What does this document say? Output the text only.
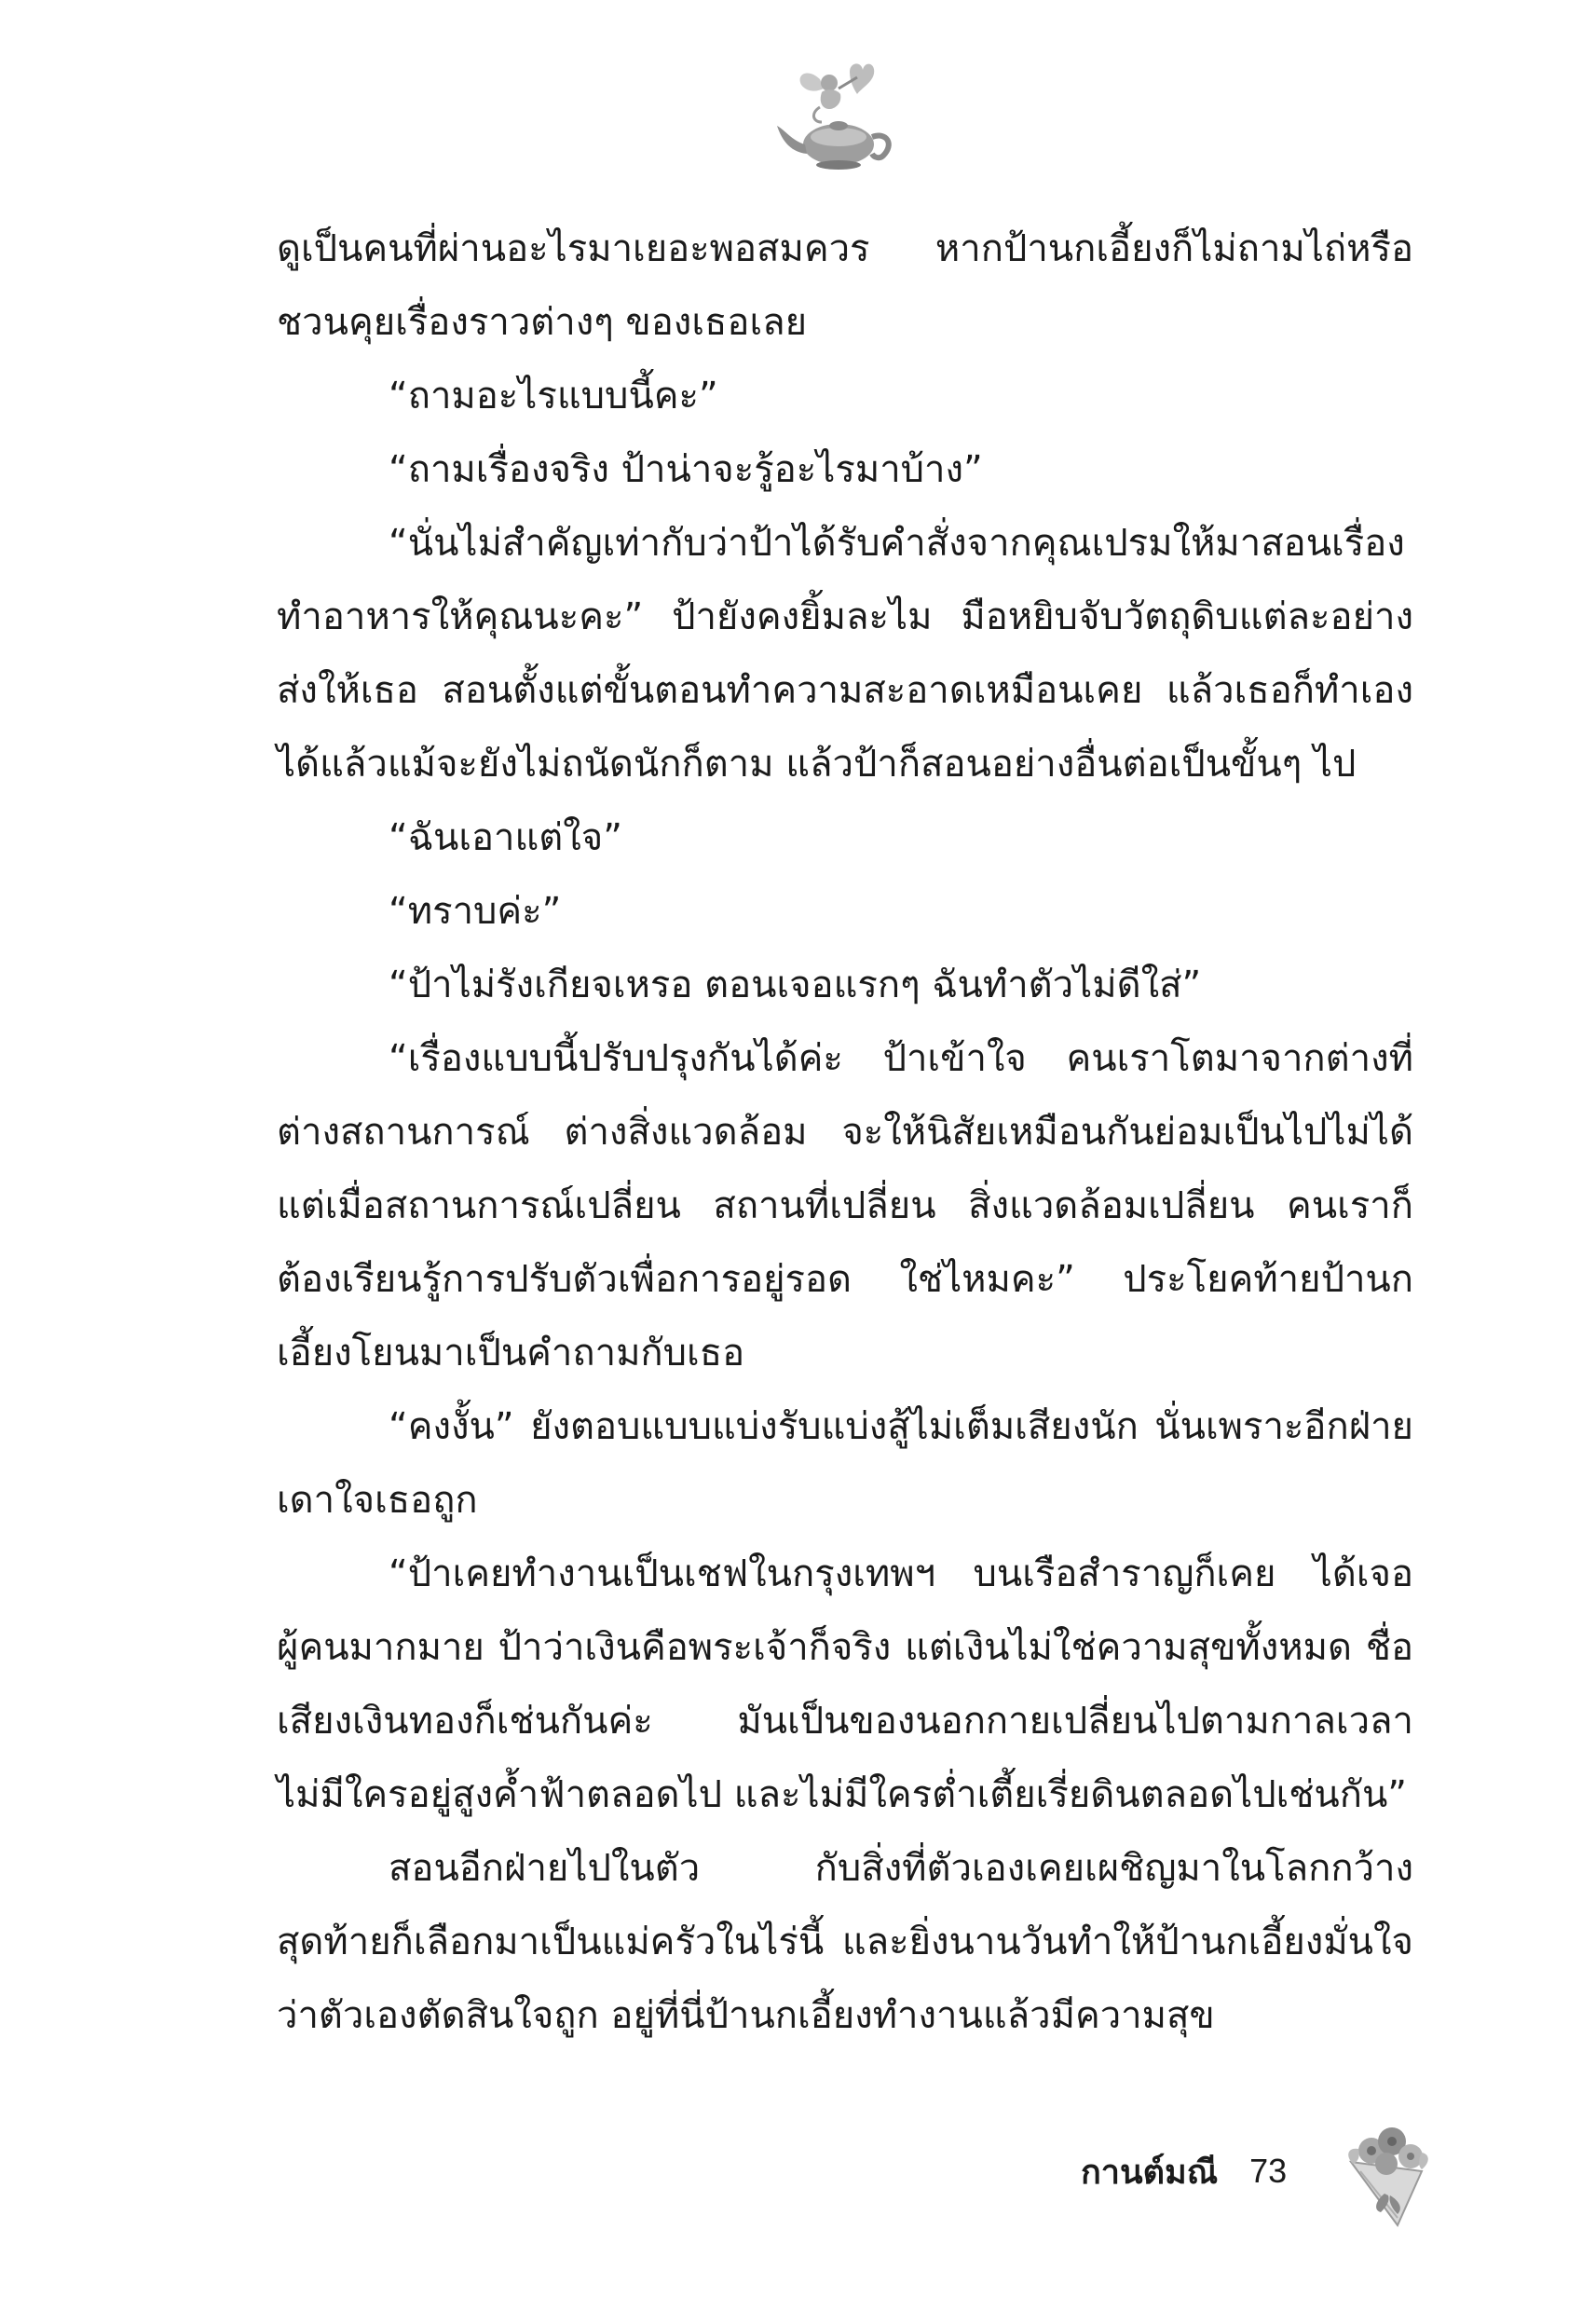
ดูเป็นคนที่ผ่านอะไรมาเยอะพอสมควร หากป้านกเอี้ยงก็ไม่ถามไถ่หรือชวนคุยเรื่องราวต่างๆ ของเธอเลย

“ถามอะไรแบบนี้คะ”

“ถามเรื่องจริง ป้าน่าจะรู้อะไรมาบ้าง”

“นั่นไม่สำคัญเท่ากับว่าป้าได้รับคำสั่งจากคุณเปรมให้มาสอนเรื่องทำอาหารให้คุณนะคะ” ป้ายังคงยิ้มละไม มือหยิบจับวัตถุดิบแต่ละอย่างส่งให้เธอ สอนตั้งแต่ขั้นตอนทำความสะอาดเหมือนเคย แล้วเธอก็ทำเองได้แล้วแม้จะยังไม่ถนัดนักก็ตาม แล้วป้าก็สอนอย่างอื่นต่อเป็นขั้นๆ ไป

“ฉันเอาแต่ใจ”

“ทราบค่ะ”

“ป้าไม่รังเกียจเหรอ ตอนเจอแรกๆ ฉันทำตัวไม่ดีใส่”

“เรื่องแบบนี้ปรับปรุงกันได้ค่ะ ป้าเข้าใจ คนเราโตมาจากต่างที่ต่างสถานการณ์ ต่างสิ่งแวดล้อม จะให้นิสัยเหมือนกันย่อมเป็นไปไม่ได้ แต่เมื่อสถานการณ์เปลี่ยน สถานที่เปลี่ยน สิ่งแวดล้อมเปลี่ยน คนเราก็ต้องเรียนรู้การปรับตัวเพื่อการอยู่รอด ใช่ไหมคะ” ประโยคท้ายป้านกเอี้ยงโยนมาเป็นคำถามกับเธอ

“คงงั้น” ยังตอบแบบแบ่งรับแบ่งสู้ไม่เต็มเสียงนัก นั่นเพราะอีกฝ่ายเดาใจเธอถูก

“ป้าเคยทำงานเป็นเชฟในกรุงเทพฯ บนเรือสำราญก็เคย ได้เจอผู้คนมากมาย ป้าว่าเงินคือพระเจ้าก็จริง แต่เงินไม่ใช่ความสุขทั้งหมด ชื่อเสียงเงินทองก็เช่นกันค่ะ มันเป็นของนอกกายเปลี่ยนไปตามกาลเวลา ไม่มีใครอยู่สูงค้ำฟ้าตลอดไป และไม่มีใครต่ำเตี้ยเรี่ยดินตลอดไปเช่นกัน”

สอนอีกฝ่ายไปในตัว กับสิ่งที่ตัวเองเคยเผชิญมาในโลกกว้าง สุดท้ายก็เลือกมาเป็นแม่ครัวในไร่นี้ และยิ่งนานวันทำให้ป้านกเอี้ยงมั่นใจว่าตัวเองตัดสินใจถูก อยู่ที่นี่ป้านกเอี้ยงทำงานแล้วมีความสุข

กานต์มณี 73
